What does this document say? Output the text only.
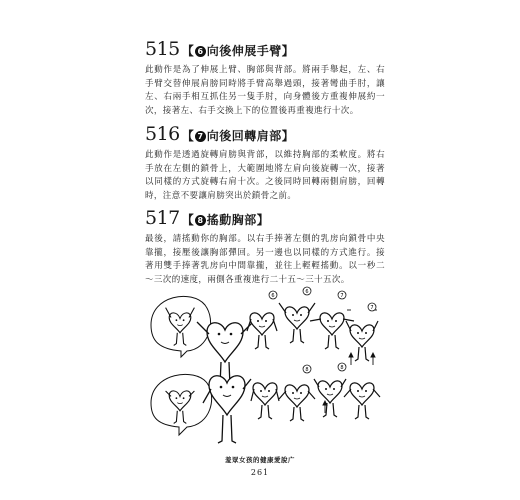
515 【 6 向後伸展手臂 】
此動作是為了伸展上臂、胸部與背部。將兩手舉起，左、右手臂交替伸展肩膀同時將手臂高舉過頭，接著彎曲手肘，讓左、右兩手相互抓住另一隻手肘，向身體後方重複伸展約一次，接著左、右手交換上下的位置後再重複進行十次。
516 【 7 向後回轉肩部 】
此動作是透過旋轉肩膀與背部，以維持胸部的柔軟度。將右手放在左側的鎖骨上，大範圍地將左肩向後旋轉一次，接著以同樣的方式旋轉右肩十次。之後同時回轉兩側肩膀，回轉時，注意不要讓肩膀突出於鎖骨之前。
517 【 8 搖動胸部 】
最後，請搖動你的胸部。以右手捧著左側的乳房向鎖骨中央靠攏，接壓後讓胸部彈回。另一邊也以同樣的方式進行。接著用雙手捧著乳房向中間靠攏，並往上輕輕搖動。以一秒二～三次的速度，兩側各重複進行二十五～三十五次。
6
6
7
7
8	8
羞眾女孩的健康愛說广
261
